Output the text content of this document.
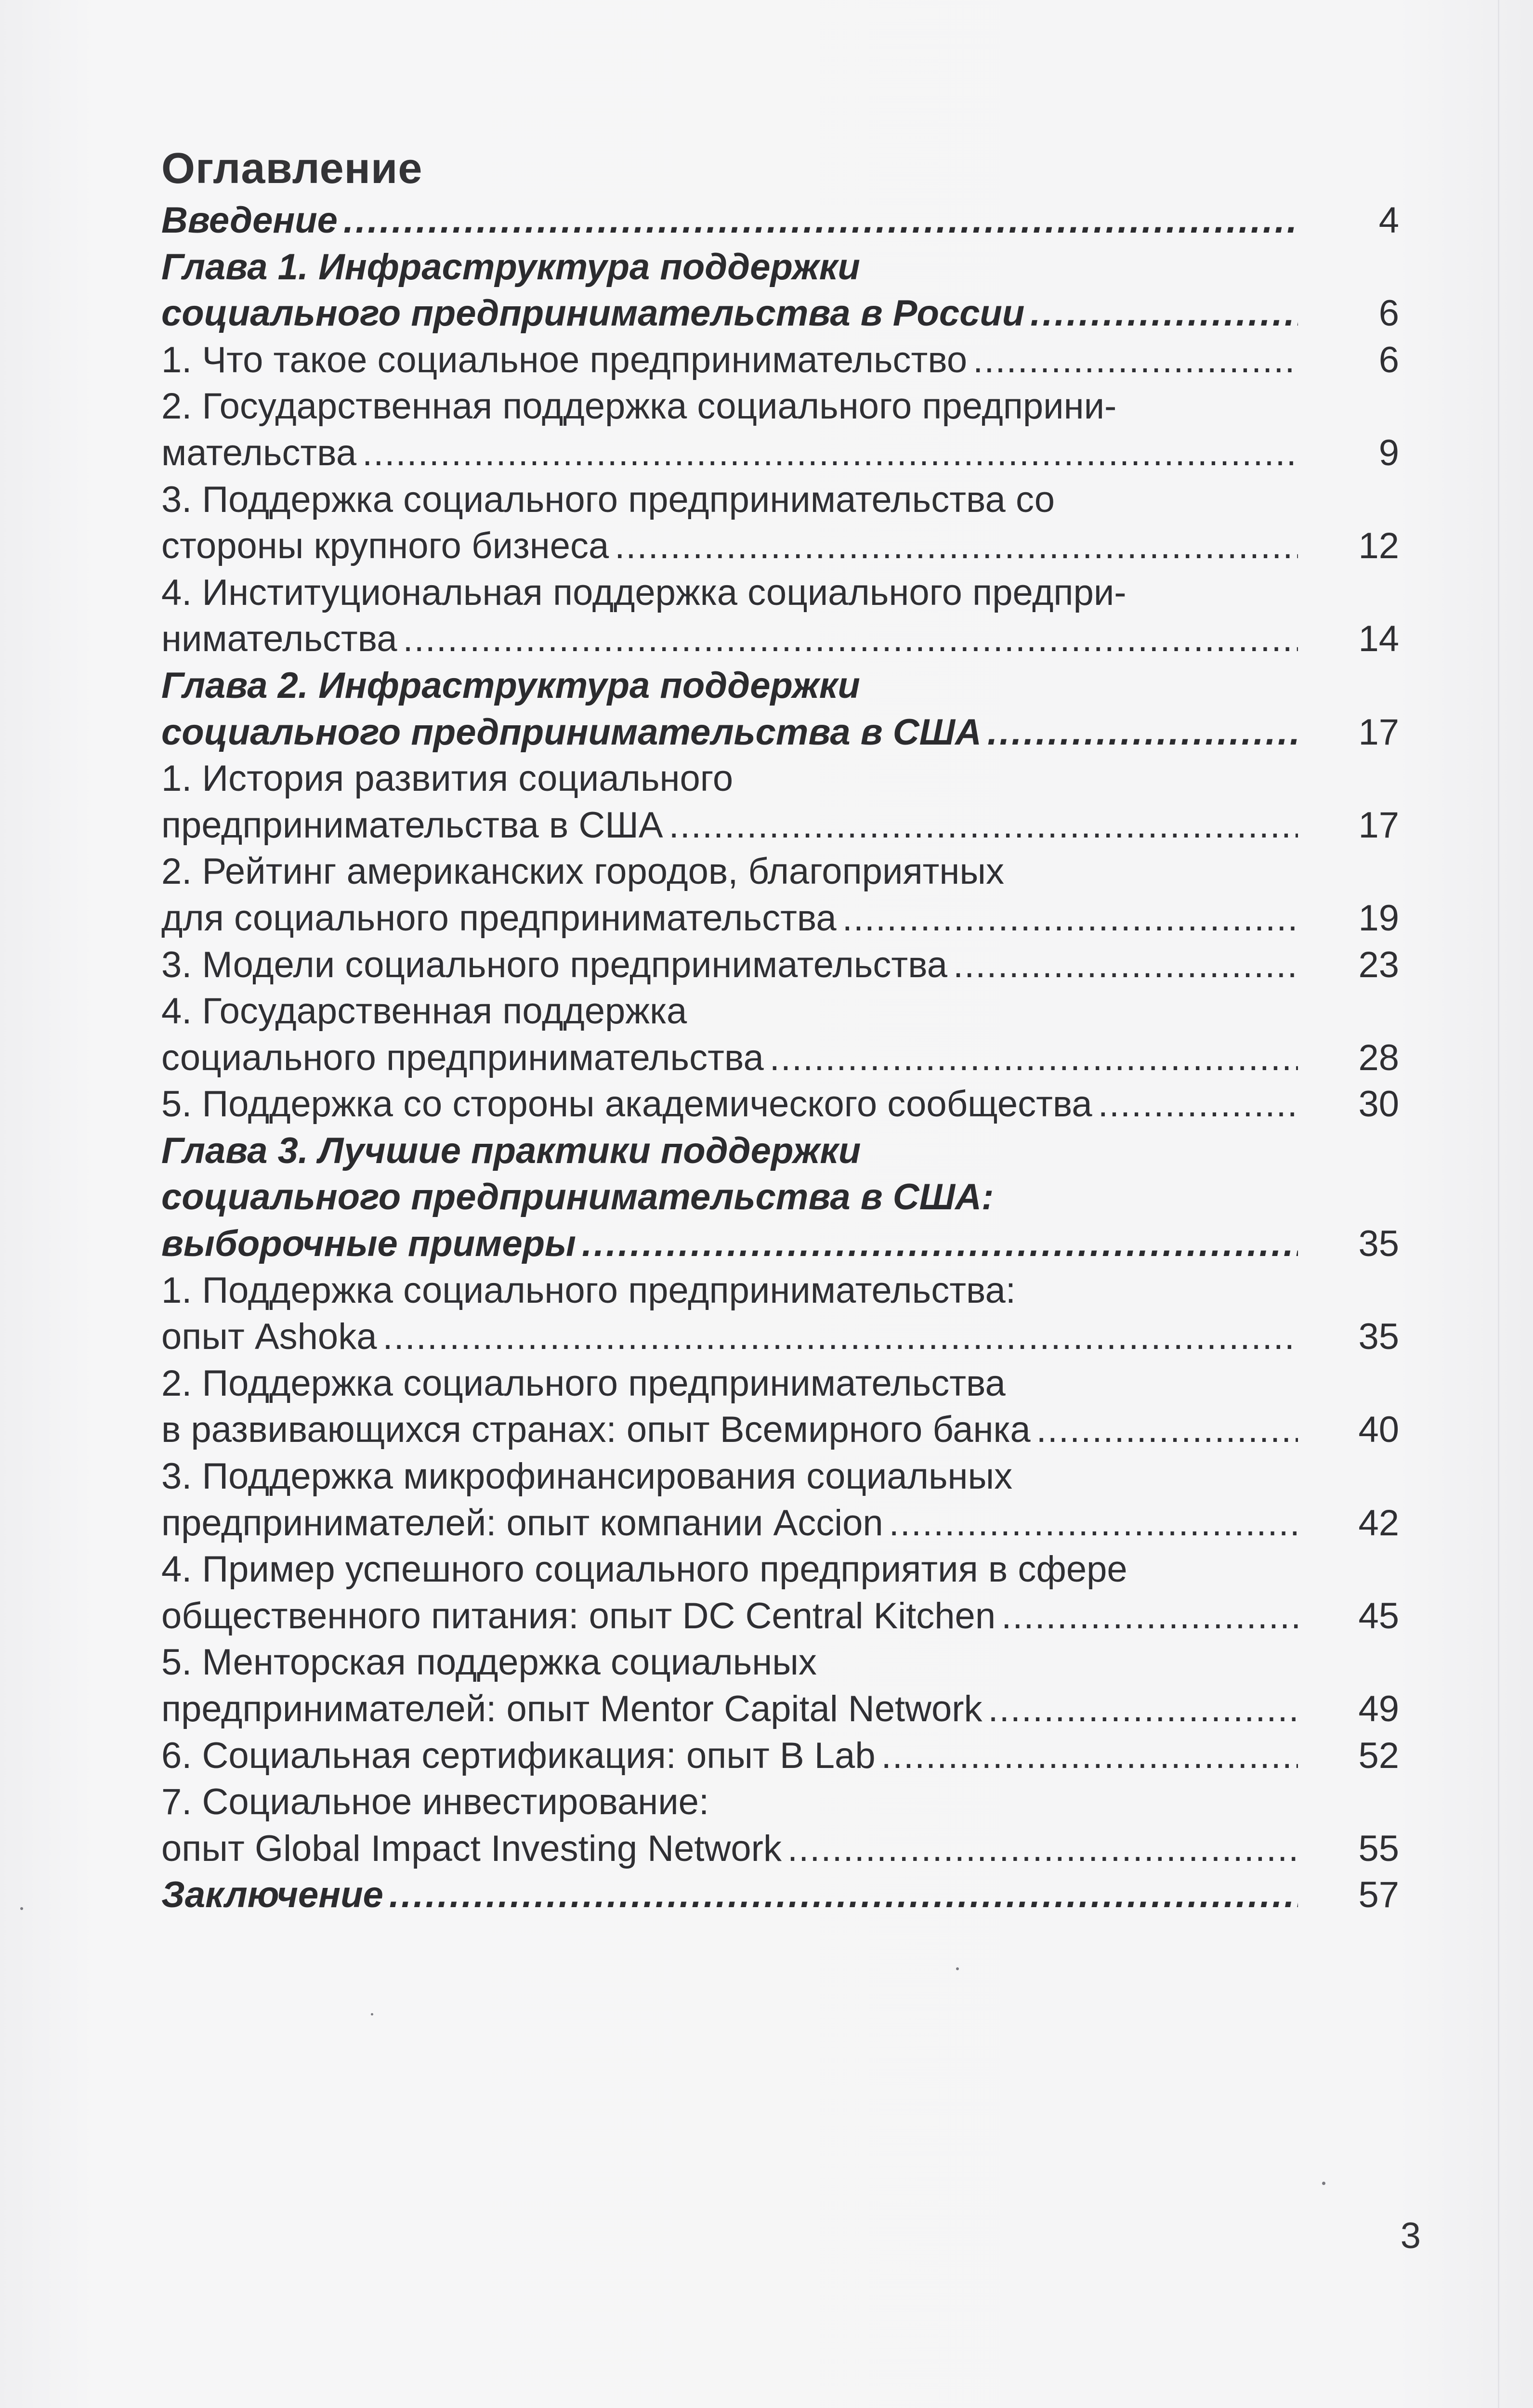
Оглавление
Введение .....	4
Глава 1. Инфраструктура поддержки
социального предпринимательства в России .....	6
1. Что такое социальное предпринимательство .....	6
2. Государственная поддержка социального предприни-
мательства .....	9
3. Поддержка социального предпринимательства со
стороны крупного бизнеса .....	12
4. Институциональная поддержка социального предпри-
нимательства .....	14
Глава 2. Инфраструктура поддержки
социального предпринимательства в США .....	17
1. История развития социального
предпринимательства в США .....	17
2. Рейтинг американских городов, благоприятных
для социального предпринимательства .....	19
3. Модели социального предпринимательства .....	23
4. Государственная поддержка
социального предпринимательства .....	28
5. Поддержка со стороны академического сообщества .....	30
Глава 3. Лучшие практики поддержки
социального предпринимательства в США:
выборочные примеры .....	35
1. Поддержка социального предпринимательства:
опыт Ashoka .....	35
2. Поддержка социального предпринимательства
в развивающихся странах: опыт Всемирного банка .....	40
3. Поддержка микрофинансирования социальных
предпринимателей: опыт компании Accion .....	42
4. Пример успешного социального предприятия в сфере
общественного питания: опыт DC Central Kitchen .....	45
5. Менторская поддержка социальных
предпринимателей: опыт Mentor Capital Network .....	49
6. Социальная сертификация: опыт B Lab .....	52
7. Социальное инвестирование:
опыт Global Impact Investing Network .....	55
Заключение .....	57
3
